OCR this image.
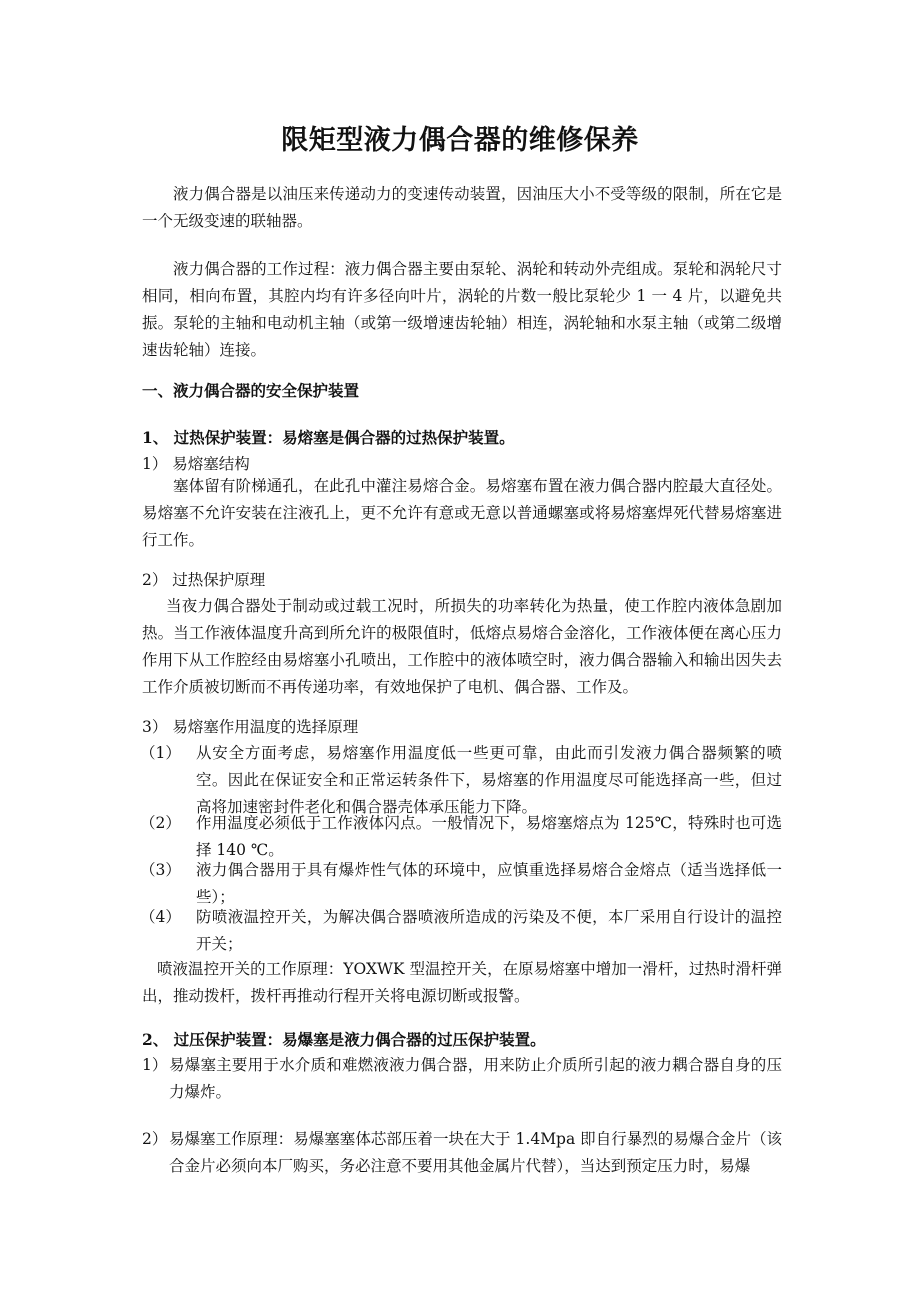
限矩型液力偶合器的维修保养
液力偶合器是以油压来传递动力的变速传动装置，因油压大小不受等级的限制，所在它是一个无级变速的联轴器。
液力偶合器的工作过程：液力偶合器主要由泵轮、涡轮和转动外壳组成。泵轮和涡轮尺寸相同，相向布置，其腔内均有许多径向叶片，涡轮的片数一般比泵轮少 1 一 4 片，以避免共振。泵轮的主轴和电动机主轴（或第一级增速齿轮轴）相连，涡轮轴和水泵主轴（或第二级增速齿轮轴）连接。
一、液力偶合器的安全保护装置
1、 过热保护装置：易熔塞是偶合器的过热保护装置。
1） 易熔塞结构
塞体留有阶梯通孔，在此孔中灌注易熔合金。易熔塞布置在液力偶合器内腔最大直径处。易熔塞不允许安装在注液孔上，更不允许有意或无意以普通螺塞或将易熔塞焊死代替易熔塞进行工作。
2） 过热保护原理
当夜力偶合器处于制动或过载工况时，所损失的功率转化为热量，使工作腔内液体急剧加热。当工作液体温度升高到所允许的极限值时，低熔点易熔合金溶化，工作液体便在离心压力作用下从工作腔经由易熔塞小孔喷出，工作腔中的液体喷空时，液力偶合器输入和输出因失去工作介质被切断而不再传递功率，有效地保护了电机、偶合器、工作及。
3） 易熔塞作用温度的选择原理
（1） 从安全方面考虑，易熔塞作用温度低一些更可靠，由此而引发液力偶合器频繁的喷空。因此在保证安全和正常运转条件下，易熔塞的作用温度尽可能选择高一些，但过高将加速密封件老化和偶合器壳体承压能力下降。
（2） 作用温度必须低于工作液体闪点。一般情况下，易熔塞熔点为 125℃，特殊时也可选择 140 ℃。
（3） 液力偶合器用于具有爆炸性气体的环境中，应慎重选择易熔合金熔点（适当选择低一些）；
（4） 防喷液温控开关，为解决偶合器喷液所造成的污染及不便，本厂采用自行设计的温控开关；
喷液温控开关的工作原理：YOXWK 型温控开关，在原易熔塞中增加一滑杆，过热时滑杆弹出，推动拨杆，拨杆再推动行程开关将电源切断或报警。
2、 过压保护装置：易爆塞是液力偶合器的过压保护装置。
1） 易爆塞主要用于水介质和难燃液液力偶合器，用来防止介质所引起的液力耦合器自身的压力爆炸。
2） 易爆塞工作原理：易爆塞塞体芯部压着一块在大于 1.4Mpa 即自行暴烈的易爆合金片（该合金片必须向本厂购买，务必注意不要用其他金属片代替），当达到预定压力时，易爆
